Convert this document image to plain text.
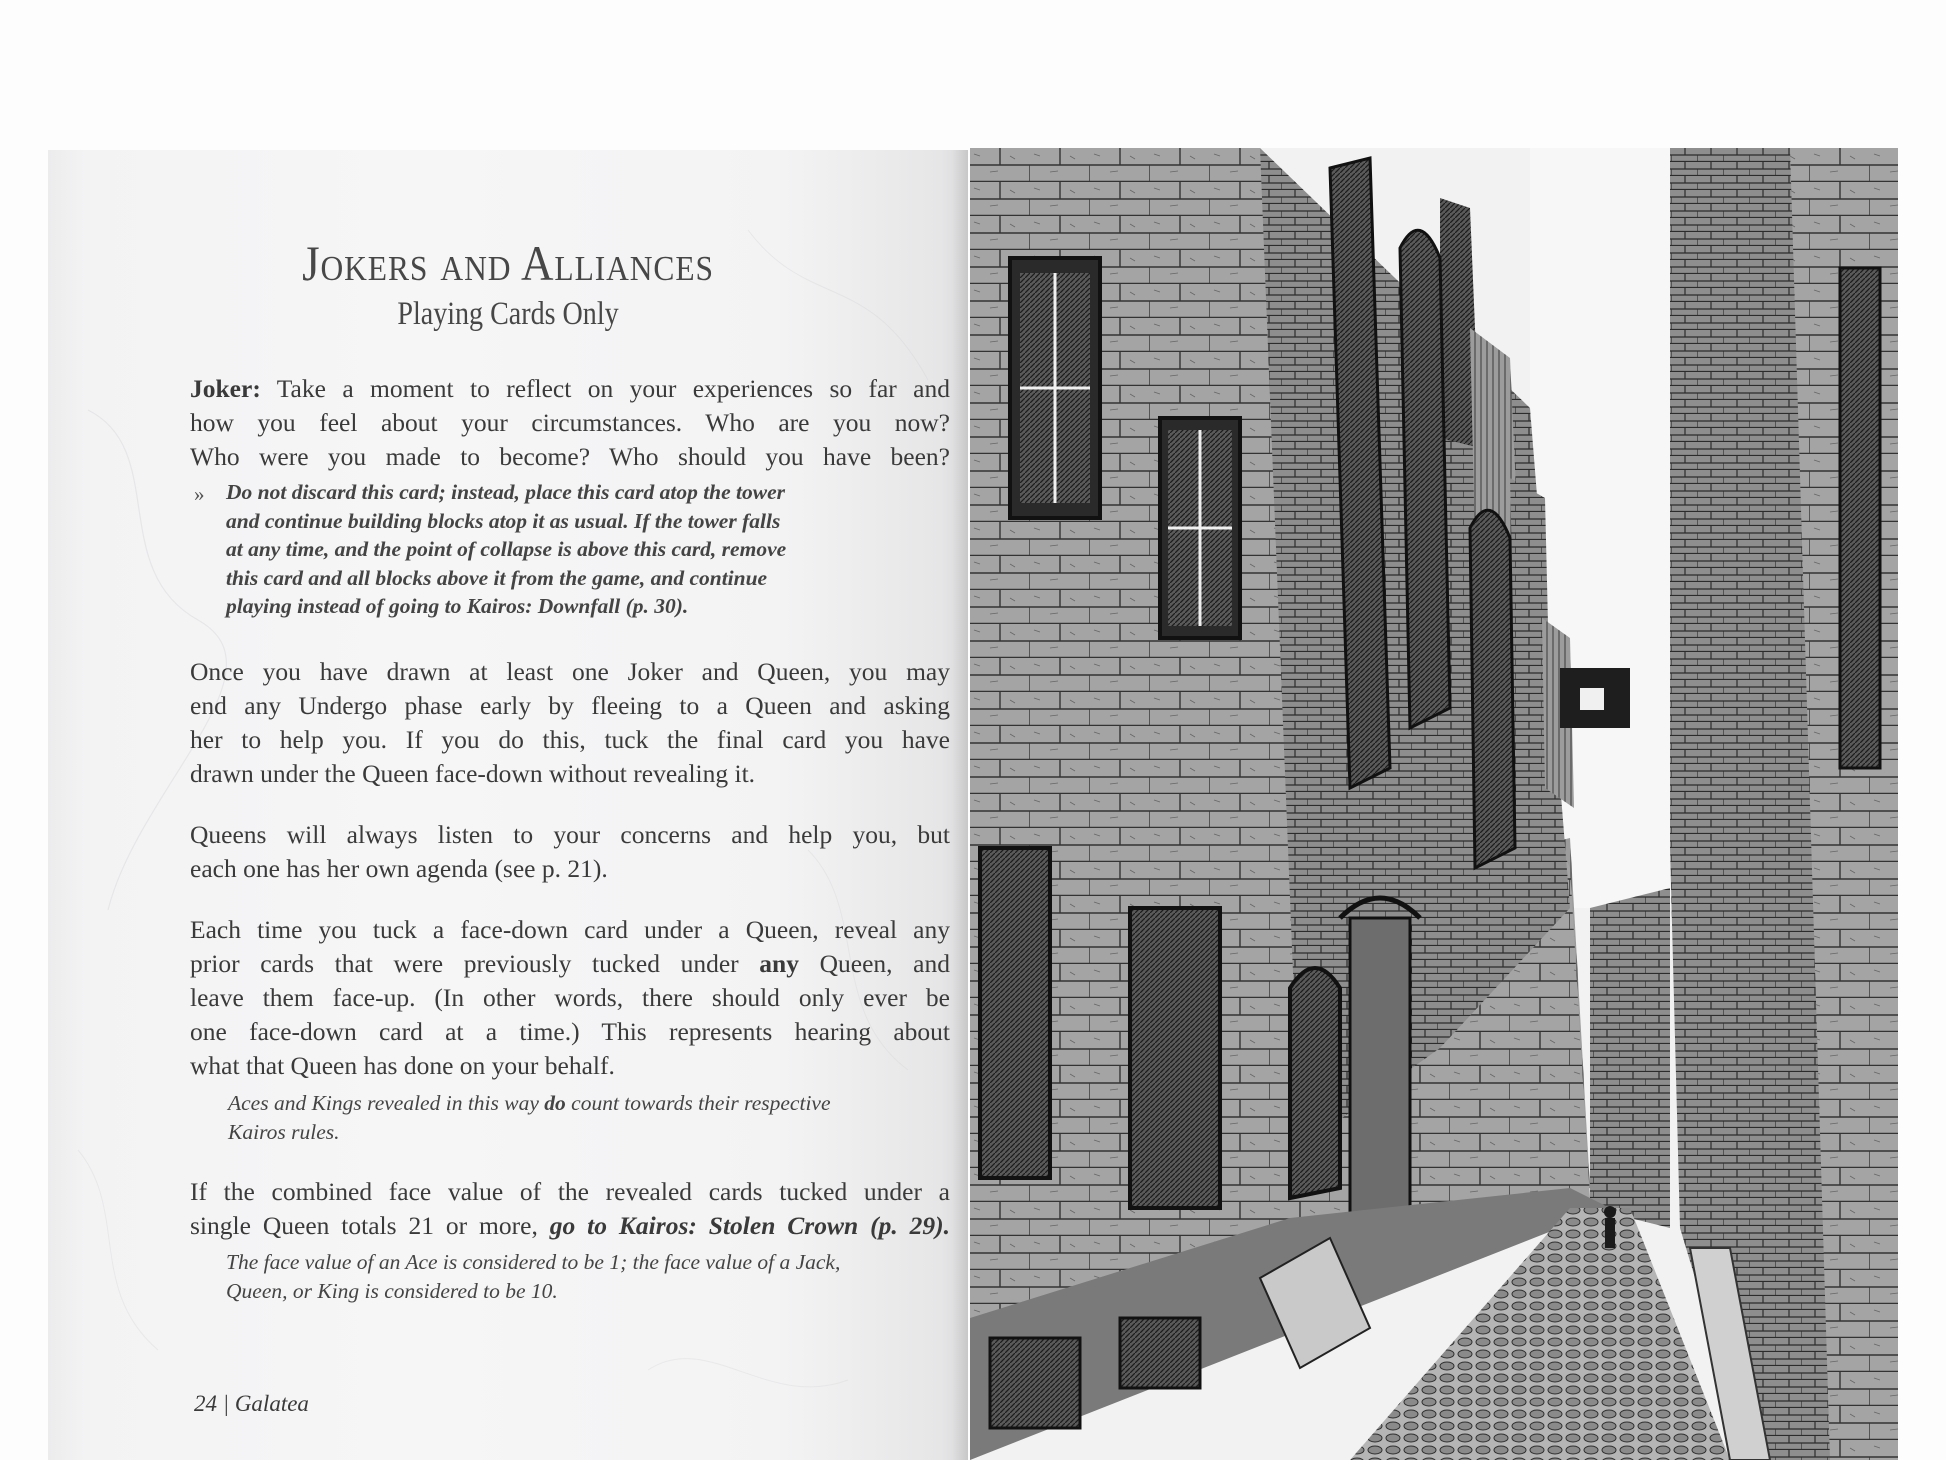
Jokers and Alliances
Playing Cards Only
Joker: Take a moment to reflect on your experiences so far and
how you feel about your circumstances. Who are you now?
Who were you made to become? Who should you have been?
» Do not discard this card; instead, place this card atop the tower
and continue building blocks atop it as usual. If the tower falls
at any time, and the point of collapse is above this card, remove
this card and all blocks above it from the game, and continue
playing instead of going to Kairos: Downfall (p. 30).
Once you have drawn at least one Joker and Queen, you may
end any Undergo phase early by fleeing to a Queen and asking
her to help you. If you do this, tuck the final card you have
drawn under the Queen face-down without revealing it.
Queens will always listen to your concerns and help you, but
each one has her own agenda (see p. 21).
Each time you tuck a face-down card under a Queen, reveal any
prior cards that were previously tucked under any Queen, and
leave them face-up. (In other words, there should only ever be
one face-down card at a time.) This represents hearing about
what that Queen has done on your behalf.
Aces and Kings revealed in this way do count towards their respective
Kairos rules.
If the combined face value of the revealed cards tucked under a
single Queen totals 21 or more, go to Kairos: Stolen Crown (p. 29).
The face value of an Ace is considered to be 1; the face value of a Jack,
Queen, or King is considered to be 10.
24 | Galatea
